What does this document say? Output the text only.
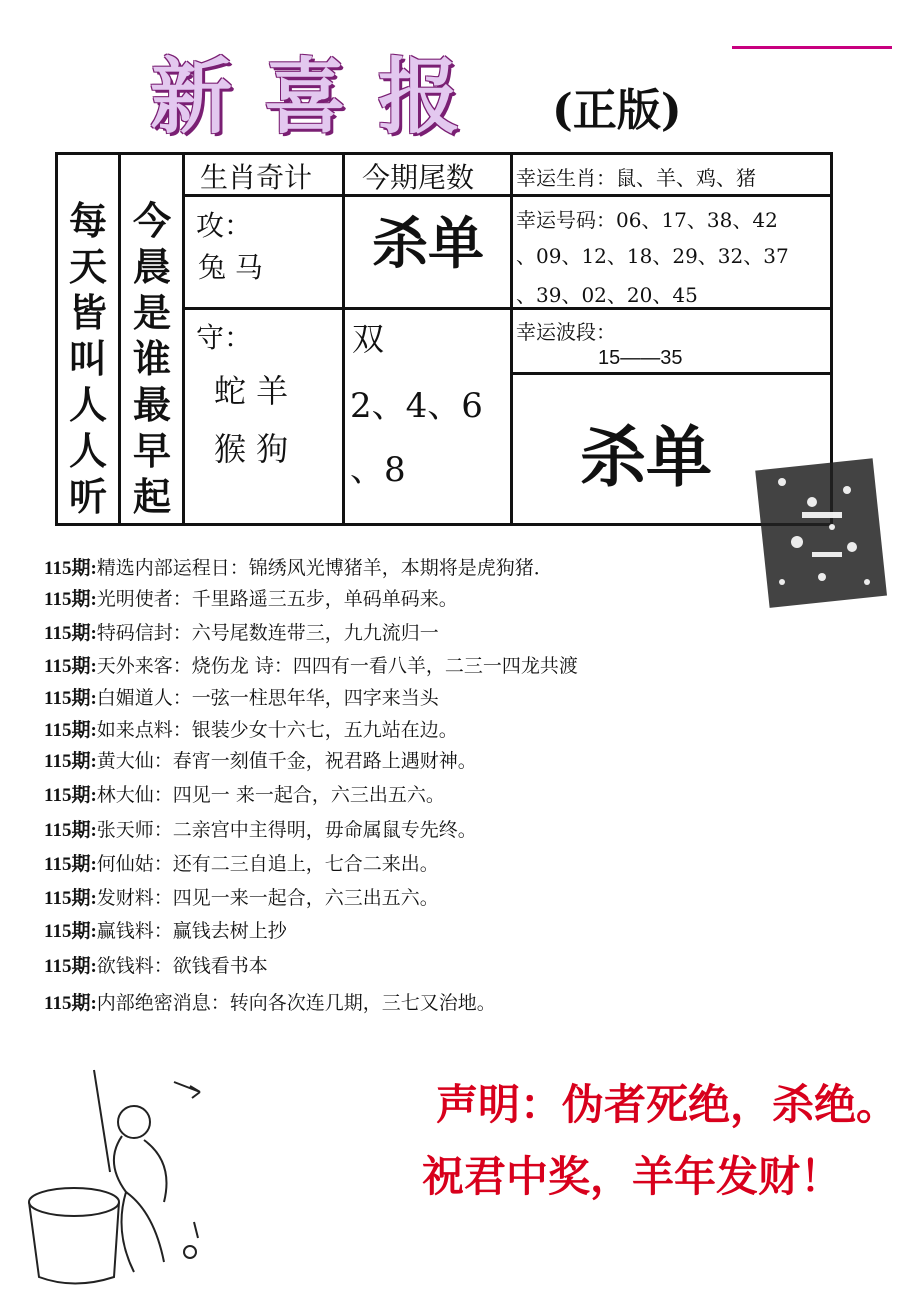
新喜报 (正版)
每天皆叫人人听
今晨是谁最早起
生肖奇计 今期尾数 幸运生肖：鼠、羊、鸡、猪
攻：
兔 马 杀单 幸运号码：06、17、38、42
、09、12、18、29、32、37
、39、02、20、45
守：
蛇 羊
猴 狗
双
2、4、6
、8
幸运波段：
15——35
杀单
115期:精选内部运程日：锦绣风光博猪羊，本期将是虎狗猪．
115期:光明使者：千里路遥三五步，单码单码来。
115期:特码信封：六号尾数连带三，九九流归一
115期:天外来客：烧伤龙 诗：四四有一看八羊，二三一四龙共渡
115期:白媚道人：一弦一柱思年华，四字来当头
115期:如来点料：银装少女十六七，五九站在边。
115期:黄大仙：春宵一刻值千金，祝君路上遇财神。
115期:林大仙：四见一 来一起合，六三出五六。
115期:张天师：二亲宫中主得明，毋命属鼠专先终。
115期:何仙姑：还有二三自追上，七合二来出。
115期:发财料：四见一来一起合，六三出五六。
115期:赢钱料：赢钱去树上抄
115期:欲钱料：欲钱看书本
115期:内部绝密消息：转向各次连几期，三七又治地。
声明：伪者死绝，杀绝。
祝君中奖，羊年发财！
